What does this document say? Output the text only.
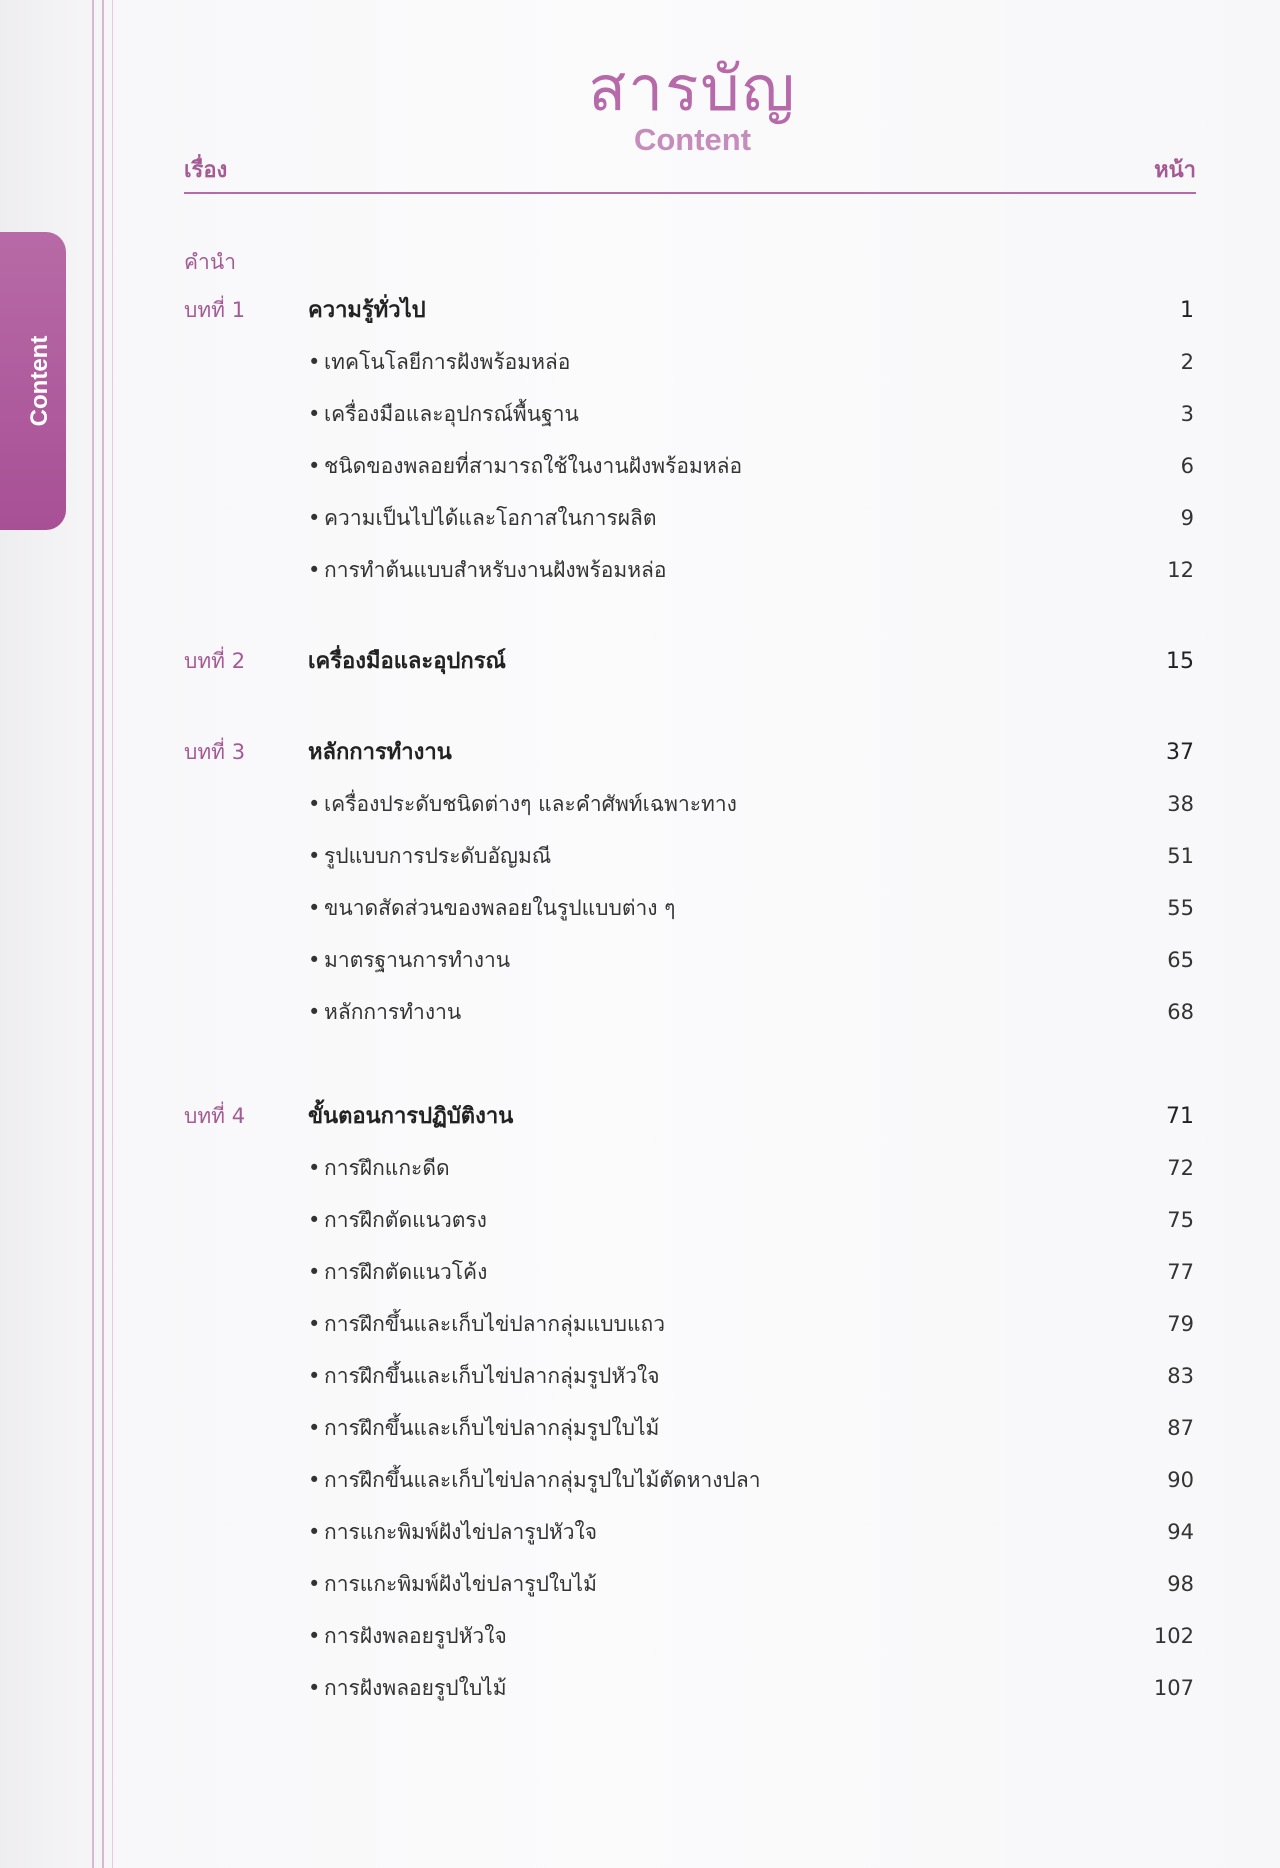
Content
สารบัญ
Content
เรื่อง	หน้า
คำนำ
บทที่ 1	ความรู้ทั่วไป	1
• เทคโนโลยีการฝังพร้อมหล่อ	2
• เครื่องมือและอุปกรณ์พื้นฐาน	3
• ชนิดของพลอยที่สามารถใช้ในงานฝังพร้อมหล่อ	6
• ความเป็นไปได้และโอกาสในการผลิต	9
• การทำต้นแบบสำหรับงานฝังพร้อมหล่อ	12
บทที่ 2	เครื่องมือและอุปกรณ์	15
บทที่ 3	หลักการทำงาน	37
• เครื่องประดับชนิดต่างๆ และคำศัพท์เฉพาะทาง	38
• รูปแบบการประดับอัญมณี	51
• ขนาดสัดส่วนของพลอยในรูปแบบต่าง ๆ	55
• มาตรฐานการทำงาน	65
• หลักการทำงาน	68
บทที่ 4	ขั้นตอนการปฏิบัติงาน	71
• การฝึกแกะดีด	72
• การฝึกตัดแนวตรง	75
• การฝึกตัดแนวโค้ง	77
• การฝึกขึ้นและเก็บไข่ปลากลุ่มแบบแถว	79
• การฝึกขึ้นและเก็บไข่ปลากลุ่มรูปหัวใจ	83
• การฝึกขึ้นและเก็บไข่ปลากลุ่มรูปใบไม้	87
• การฝึกขึ้นและเก็บไข่ปลากลุ่มรูปใบไม้ตัดหางปลา	90
• การแกะพิมพ์ฝังไข่ปลารูปหัวใจ	94
• การแกะพิมพ์ฝังไข่ปลารูปใบไม้	98
• การฝังพลอยรูปหัวใจ	102
• การฝังพลอยรูปใบไม้	107
